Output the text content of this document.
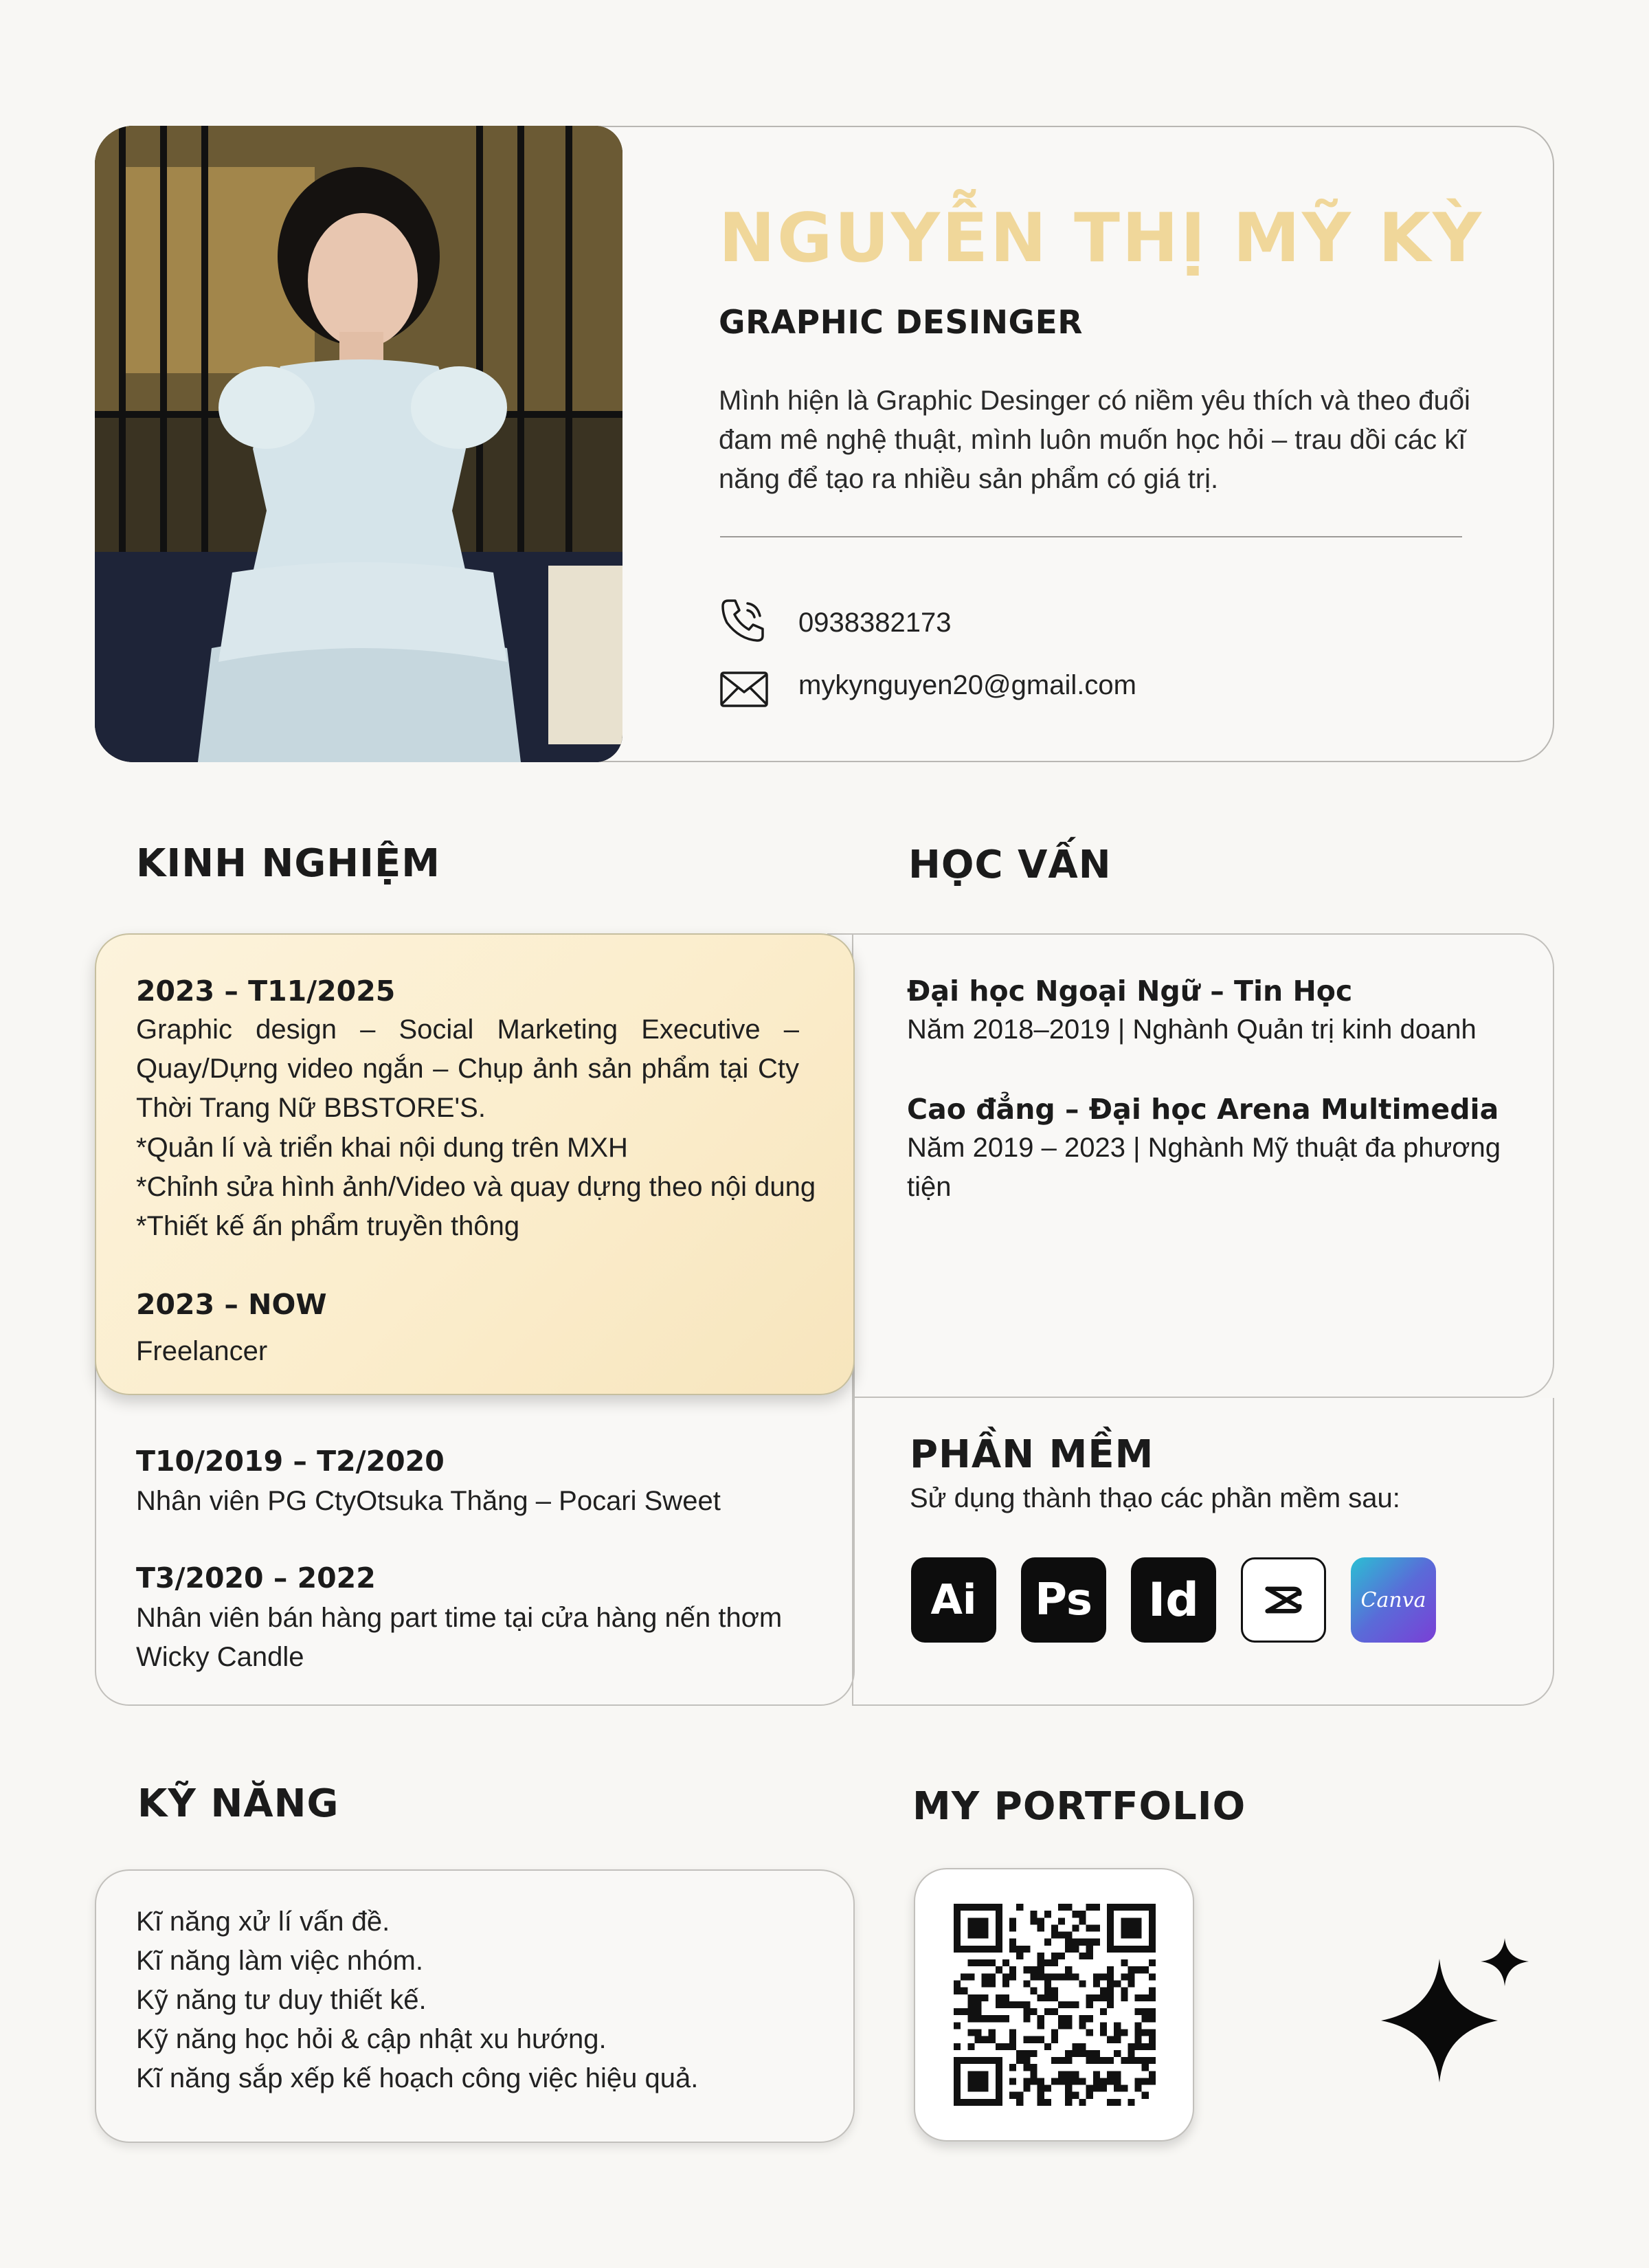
NGUYỄN THỊ MỸ KỲ
GRAPHIC DESINGER
Mình hiện là Graphic Desinger có niềm yêu thích và theo đuổi đam mê nghệ thuật, mình luôn muốn học hỏi – trau dồi các kĩ năng để tạo ra nhiều sản phẩm có giá trị.
0938382173
mykynguyen20@gmail.com
KINH NGHIỆM	HỌC VẤN
2023 – T11/2025
Graphic design – Social Marketing Executive – Quay/Dựng video ngắn – Chụp ảnh sản phẩm tại Cty Thời Trang Nữ BBSTORE'S.
*Quản lí và triển khai nội dung trên MXH
*Chỉnh sửa hình ảnh/Video và quay dựng theo nội dung
*Thiết kế ấn phẩm truyền thông
2023 – NOW
Freelancer
T10/2019 – T2/2020
Nhân viên PG CtyOtsuka Thăng – Pocari Sweet
T3/2020 – 2022
Nhân viên bán hàng part time tại cửa hàng nến thơm Wicky Candle
Đại học Ngoại Ngữ – Tin Học
Năm 2018–2019 | Nghành Quản trị kinh doanh
Cao đẳng – Đại học Arena Multimedia
Năm 2019 – 2023 | Nghành Mỹ thuật đa phương tiện
PHẦN MỀM
Sử dụng thành thạo các phần mềm sau:
Ai	Ps	Id	Canva
KỸ NĂNG
Kĩ năng xử lí vấn đề.
Kĩ năng làm việc nhóm.
Kỹ năng tư duy thiết kế.
Kỹ năng học hỏi & cập nhật xu hướng.
Kĩ năng sắp xếp kế hoạch công việc hiệu quả.
MY PORTFOLIO
